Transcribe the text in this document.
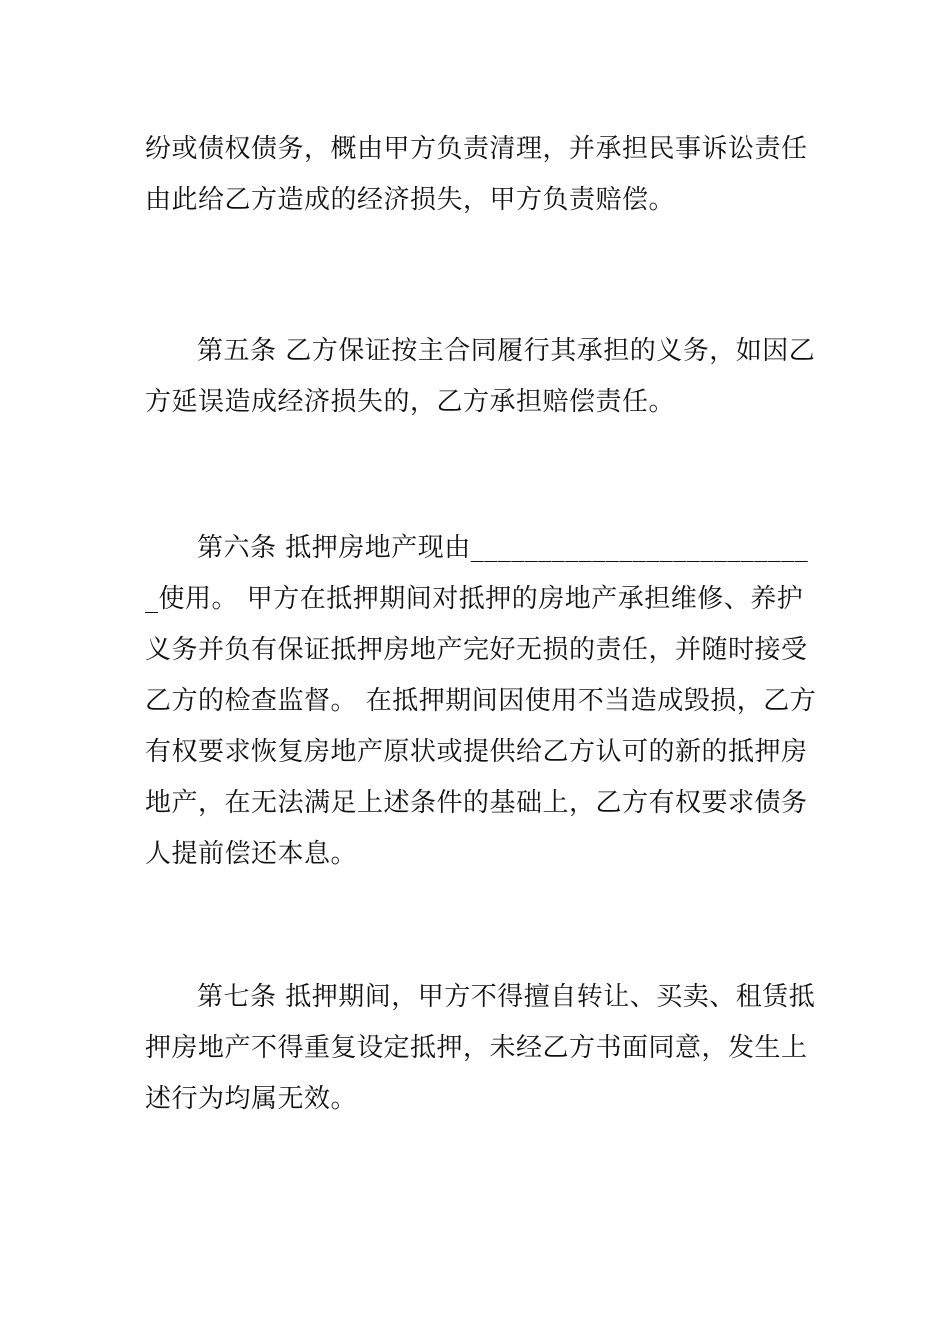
纷或债权债务，概由甲方负责清理，并承担民事诉讼责任
由此给乙方造成的经济损失，甲方负责赔偿。
第五条 乙方保证按主合同履行其承担的义务，如因乙
方延误造成经济损失的，乙方承担赔偿责任。
第六条 抵押房地产现由_________________________
_使用。 甲方在抵押期间对抵押的房地产承担维修、养护
义务并负有保证抵押房地产完好无损的责任，并随时接受
乙方的检查监督。 在抵押期间因使用不当造成毁损，乙方
有权要求恢复房地产原状或提供给乙方认可的新的抵押房
地产，在无法满足上述条件的基础上，乙方有权要求债务
人提前偿还本息。
第七条 抵押期间，甲方不得擅自转让、买卖、租赁抵
押房地产不得重复设定抵押，未经乙方书面同意，发生上
述行为均属无效。
